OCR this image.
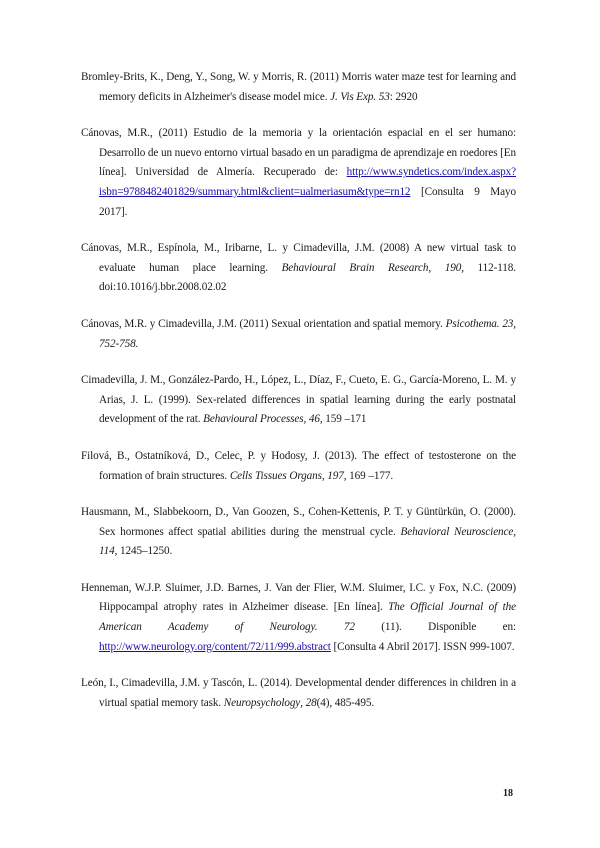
Bromley-Brits, K., Deng, Y., Song, W. y Morris, R. (2011) Morris water maze test for learning and memory deficits in Alzheimer's disease model mice. J. Vis Exp. 53: 2920

Cánovas, M.R., (2011) Estudio de la memoria y la orientación espacial en el ser humano: Desarrollo de un nuevo entorno virtual basado en un paradigma de aprendizaje en roedores [En línea]. Universidad de Almería. Recuperado de: http://www.syndetics.com/index.aspx?isbn=9788482401829/summary.html&client=ualmeriasum&type=rn12 [Consulta 9 Mayo 2017].

Cánovas, M.R., Espínola, M., Iribarne, L. y Cimadevilla, J.M. (2008) A new virtual task to evaluate human place learning. Behavioural Brain Research, 190, 112-118. doi:10.1016/j.bbr.2008.02.02

Cánovas, M.R. y Cimadevilla, J.M. (2011) Sexual orientation and spatial memory. Psicothema. 23, 752-758.

Cimadevilla, J. M., González-Pardo, H., López, L., Díaz, F., Cueto, E. G., García-Moreno, L. M. y Arias, J. L. (1999). Sex-related differences in spatial learning during the early postnatal development of the rat. Behavioural Processes, 46, 159 –171

Filová, B., Ostatníková, D., Celec, P. y Hodosy, J. (2013). The effect of testosterone on the formation of brain structures. Cells Tissues Organs, 197, 169 –177.

Hausmann, M., Slabbekoorn, D., Van Goozen, S., Cohen-Kettenis, P. T. y Güntürkün, O. (2000). Sex hormones affect spatial abilities during the menstrual cycle. Behavioral Neuroscience, 114, 1245–1250.

Henneman, W.J.P. Sluimer, J.D. Barnes, J. Van der Flier, W.M. Sluimer, I.C. y Fox, N.C. (2009) Hippocampal atrophy rates in Alzheimer disease. [En línea]. The Official Journal of the American Academy of Neurology. 72 (11). Disponible en: http://www.neurology.org/content/72/11/999.abstract [Consulta 4 Abril 2017]. ISSN 999-1007.

León, I., Cimadevilla, J.M. y Tascón, L. (2014). Developmental dender differences in children in a virtual spatial memory task. Neuropsychology, 28(4), 485-495.

18
